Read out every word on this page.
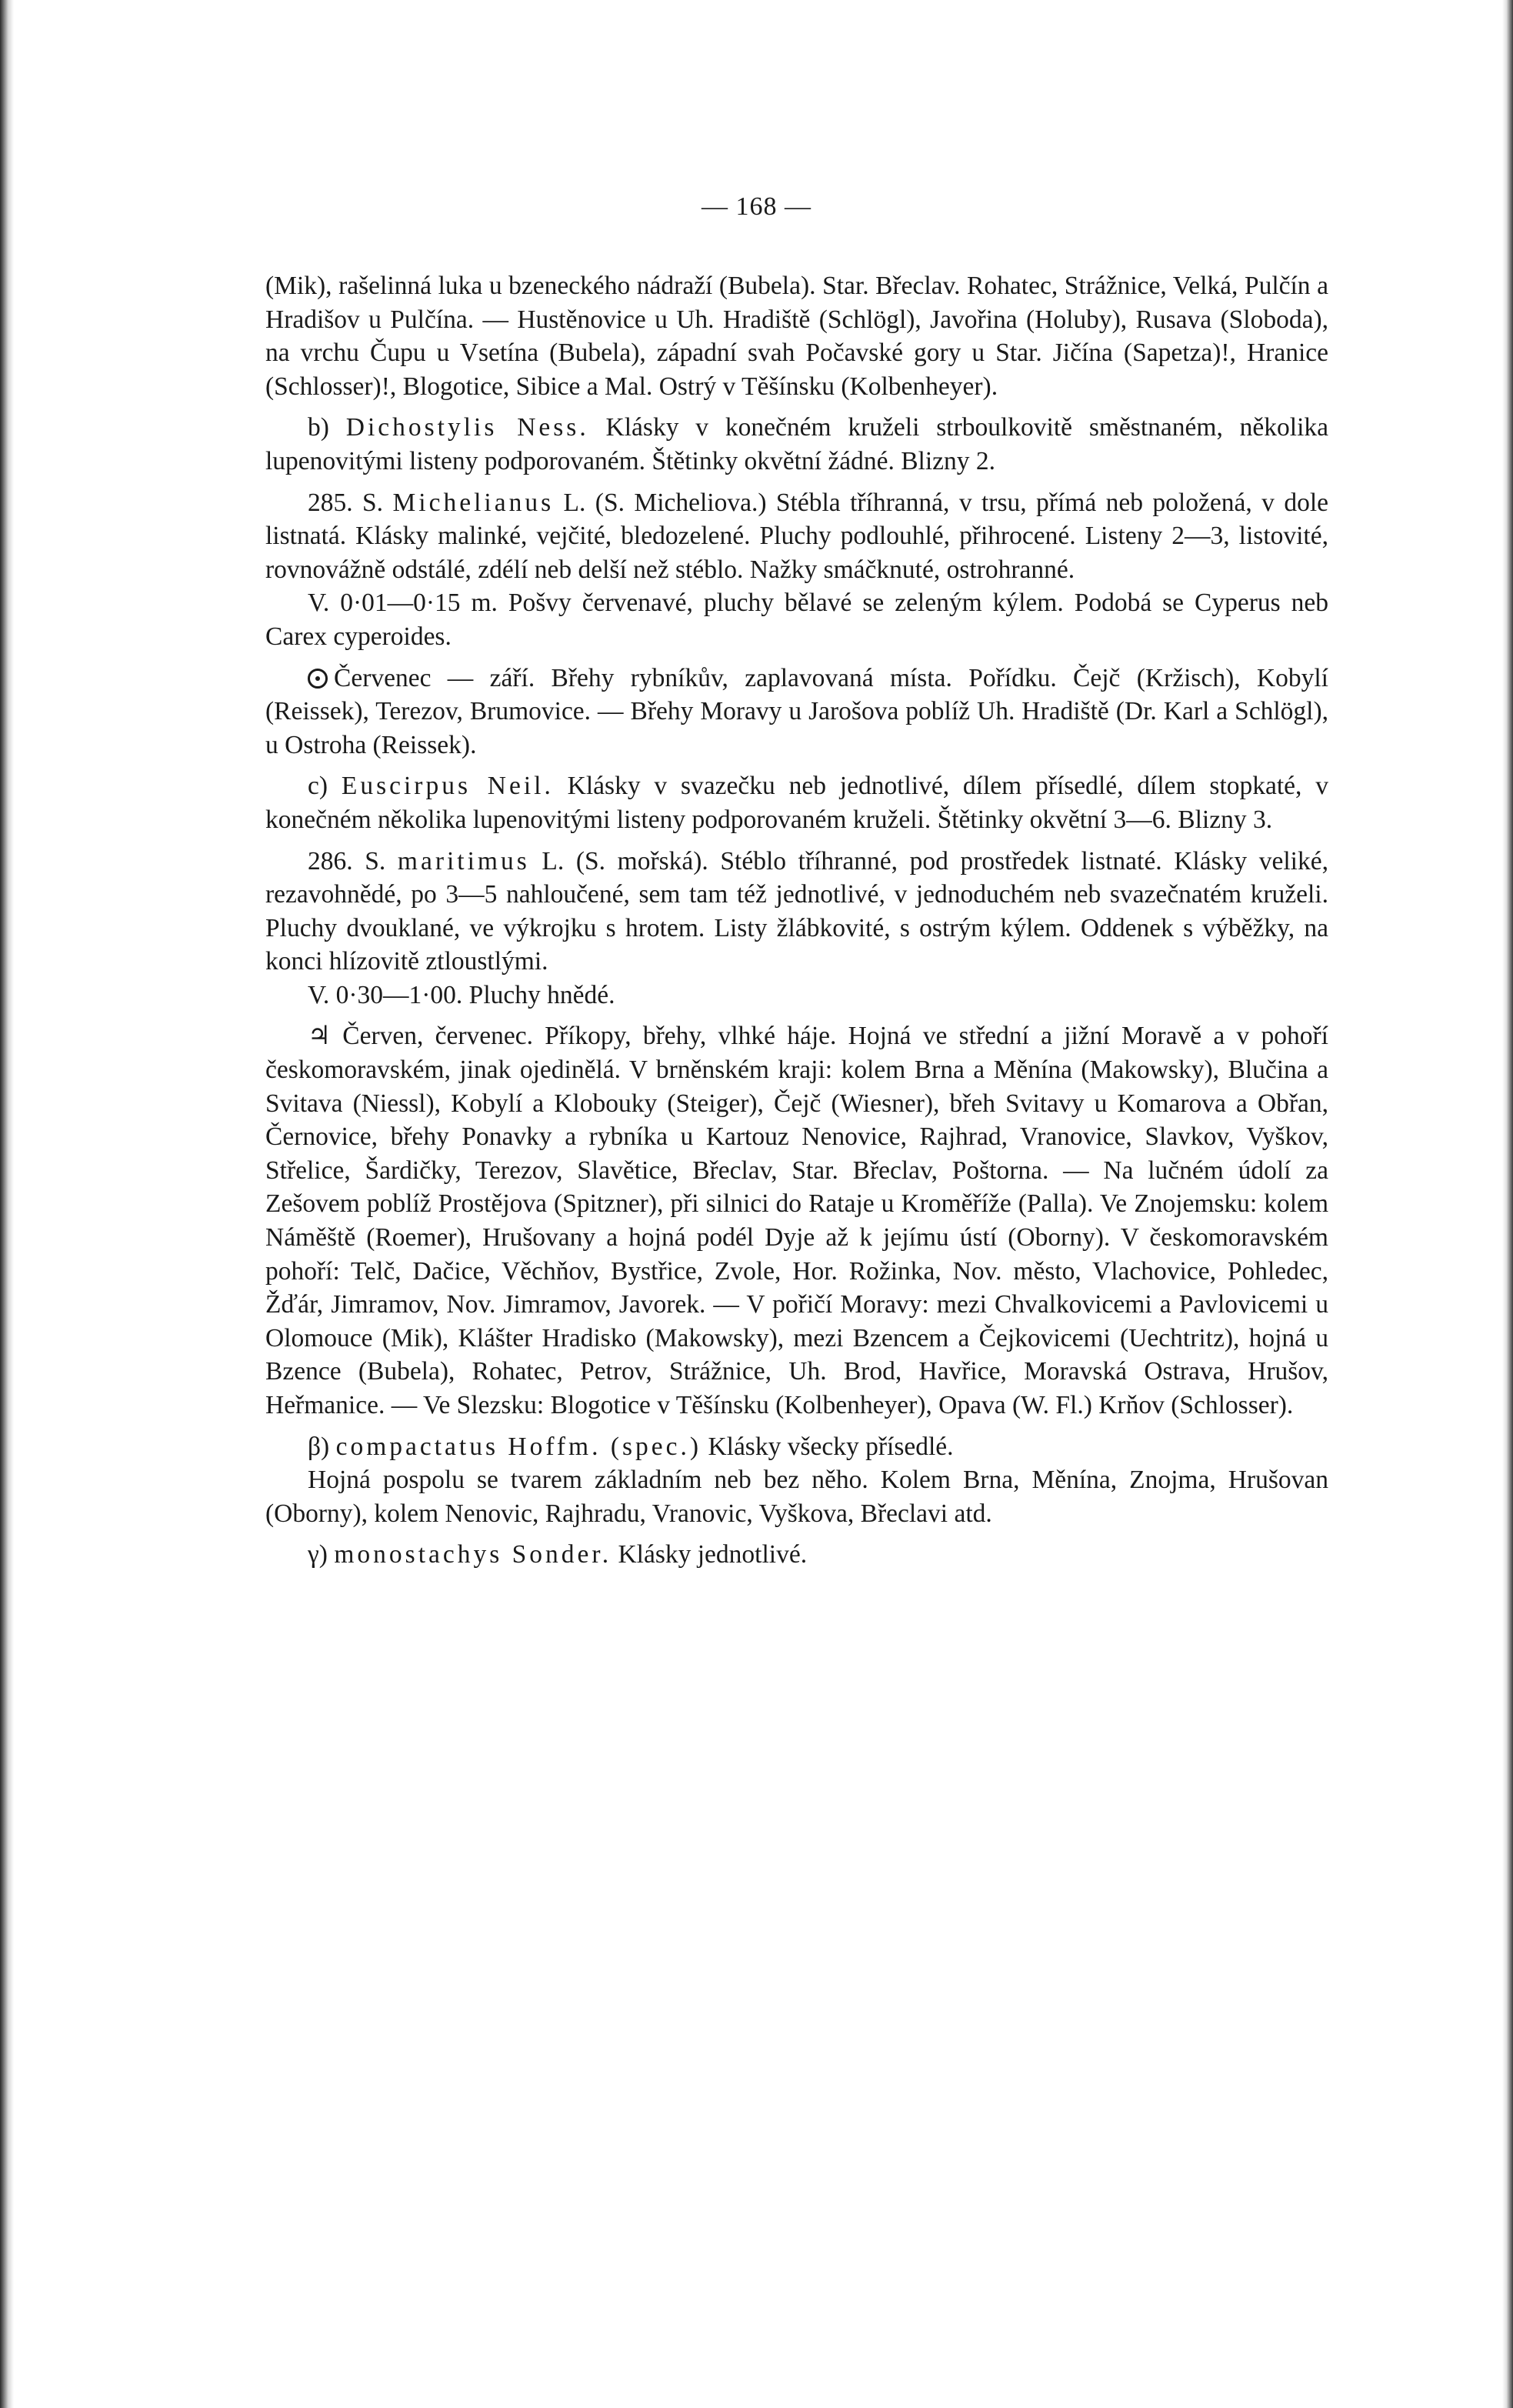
— 168 —

(Mik), rašelinná luka u bzeneckého nádraží (Bubela). Star. Břeclav. Rohatec, Strážnice, Velká, Pulčín a Hradišov u Pulčína. — Hustěnovice u Uh. Hradiště (Schlögl), Javořina (Holuby), Rusava (Sloboda), na vrchu Čupu u Vsetína (Bubela), západní svah Počavské gory u Star. Jičína (Sapetza)!, Hranice (Schlosser)!, Blogotice, Sibice a Mal. Ostrý v Těšínsku (Kolbenheyer).

b) Dichostylis Ness. Klásky v konečném kruželi strboulkovitě směstnaném, několika lupenovitými listeny podporovaném. Štětinky okvětní žádné. Blizny 2.

285. S. Michelianus L. (S. Micheliova.) Stébla tříhranná, v trsu, přímá neb položená, v dole listnatá. Klásky malinké, vejčité, bledozelené. Pluchy podlouhlé, přihrocené. Listeny 2—3, listovité, rovnovážně odstálé, zdélí neb delší než stéblo. Nažky smáčknuté, ostrohranné.

V. 0·01—0·15 m. Pošvy červenavé, pluchy bělavé se zeleným kýlem. Podobá se Cyperus neb Carex cyperoides.

Červenec — září. Břehy rybníkův, zaplavovaná místa. Pořídku. Čejč (Kržisch), Kobylí (Reissek), Terezov, Brumovice. — Břehy Moravy u Jarošova poblíž Uh. Hradiště (Dr. Karl a Schlögl), u Ostroha (Reissek).

c) Euscirpus Neil. Klásky v svazečku neb jednotlivé, dílem přísedlé, dílem stopkaté, v konečném několika lupenovitými listeny podporovaném kruželi. Štětinky okvětní 3—6. Blizny 3.

286. S. maritimus L. (S. mořská). Stéblo tříhranné, pod prostředek listnaté. Klásky veliké, rezavohnědé, po 3—5 nahloučené, sem tam též jednotlivé, v jednoduchém neb svazečnatém kruželi. Pluchy dvouklané, ve výkrojku s hrotem. Listy žlábkovité, s ostrým kýlem. Oddenek s výběžky, na konci hlízovitě ztloustlými.

V. 0·30—1·00. Pluchy hnědé.

♃ Červen, červenec. Příkopy, břehy, vlhké háje. Hojná ve střední a jižní Moravě a v pohoří českomoravském, jinak ojedinělá. V brněnském kraji: kolem Brna a Měnína (Makowsky), Blučina a Svitava (Niessl), Kobylí a Klobouky (Steiger), Čejč (Wiesner), břeh Svitavy u Komarova a Obřan, Černovice, břehy Ponavky a rybníka u Kartouz Nenovice, Rajhrad, Vranovice, Slavkov, Vyškov, Střelice, Šardičky, Terezov, Slavětice, Břeclav, Star. Břeclav, Poštorna. — Na lučném údolí za Zešovem poblíž Prostějova (Spitzner), při silnici do Rataje u Kroměříže (Palla). Ve Znojemsku: kolem Náměště (Roemer), Hrušovany a hojná podél Dyje až k jejímu ústí (Oborny). V českomoravském pohoří: Telč, Dačice, Věchňov, Bystřice, Zvole, Hor. Rožinka, Nov. město, Vlachovice, Pohledec, Žďár, Jimramov, Nov. Jimramov, Javorek. — V pořičí Moravy: mezi Chvalkovicemi a Pavlovicemi u Olomouce (Mik), Klášter Hradisko (Makowsky), mezi Bzencem a Čejkovicemi (Uechtritz), hojná u Bzence (Bubela), Rohatec, Petrov, Strážnice, Uh. Brod, Havřice, Moravská Ostrava, Hrušov, Heřmanice. — Ve Slezsku: Blogotice v Těšínsku (Kolbenheyer), Opava (W. Fl.) Krňov (Schlosser).

β) compactatus Hoffm. (spec.) Klásky všecky přísedlé.

Hojná pospolu se tvarem základním neb bez něho. Kolem Brna, Měnína, Znojma, Hrušovan (Oborny), kolem Nenovic, Rajhradu, Vranovic, Vyškova, Břeclavi atd.

γ) monostachys Sonder. Klásky jednotlivé.
